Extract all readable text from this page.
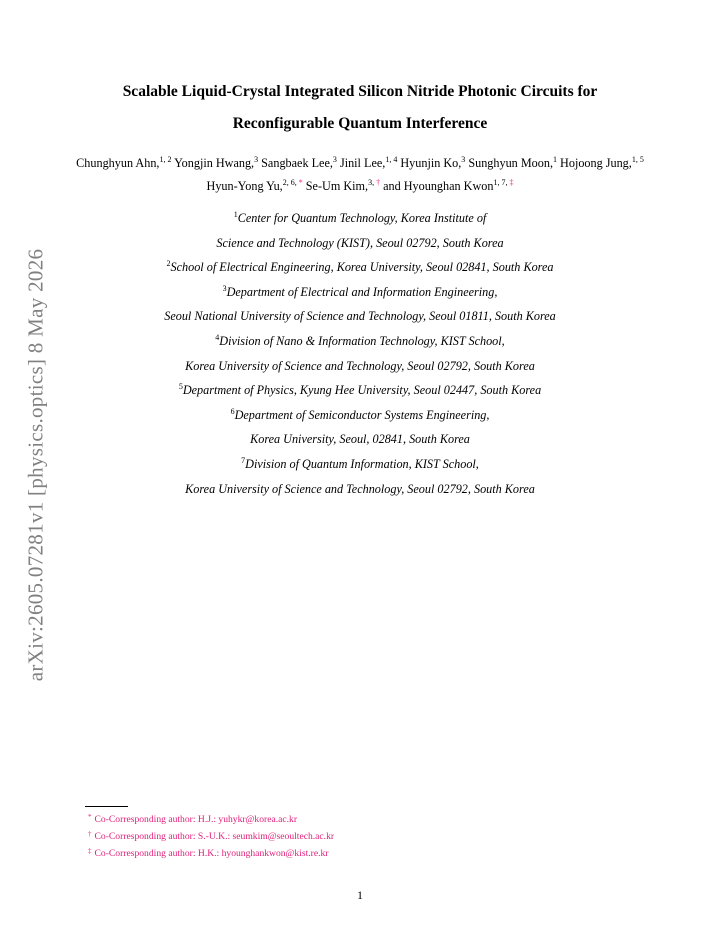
arXiv:2605.07281v1 [physics.optics] 8 May 2026
Scalable Liquid-Crystal Integrated Silicon Nitride Photonic Circuits for
Reconfigurable Quantum Interference
Chunghyun Ahn,$^{1, 2}$ Yongjin Hwang,$^3$ Sangbaek Lee,$^3$ Jinil Lee,$^{1, 4}$ Hyunjin Ko,$^3$ Sunghyun Moon,$^1$ Hojoong Jung,$^{1, 5}$ Hyun-Yong Yu,$^{2, 6, *}$ Se-Um Kim,$^{3, \dagger}$ and Hyounghan Kwon$^{1, 7, \ddagger}$
$^1$Center for Quantum Technology, Korea Institute of
Science and Technology (KIST), Seoul 02792, South Korea
$^2$School of Electrical Engineering, Korea University, Seoul 02841, South Korea
$^3$Department of Electrical and Information Engineering,
Seoul National University of Science and Technology, Seoul 01811, South Korea
$^4$Division of Nano & Information Technology, KIST School,
Korea University of Science and Technology, Seoul 02792, South Korea
$^5$Department of Physics, Kyung Hee University, Seoul 02447, South Korea
$^6$Department of Semiconductor Systems Engineering,
Korea University, Seoul, 02841, South Korea
$^7$Division of Quantum Information, KIST School,
Korea University of Science and Technology, Seoul 02792, South Korea
* Co-Corresponding author: H.J.: yuhykr@korea.ac.kr
† Co-Corresponding author: S.-U.K.: seumkim@seoultech.ac.kr
‡ Co-Corresponding author: H.K.: hyounghankwon@kist.re.kr
1
